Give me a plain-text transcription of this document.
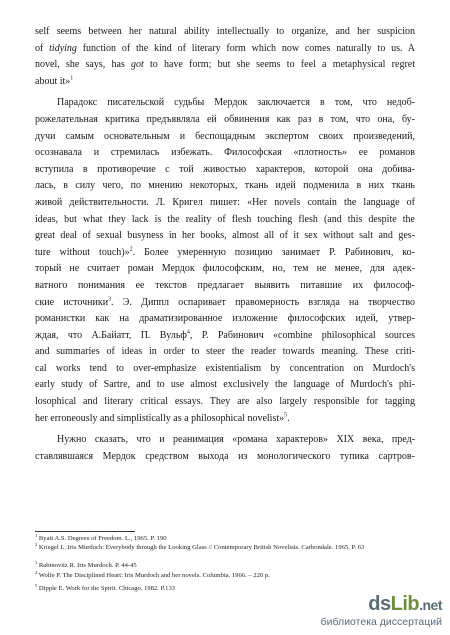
self seems between her natural ability intellectually to organize, and her suspicion
of tidying function of the kind of literary form which now comes naturally to us. A
novel, she says, has got to have form; but she seems to feel a metaphysical regret
about it»$^1$

Парадокс писательской судьбы Мердок заключается в том, что недоб-
рожелательная критика предъявляла ей обвинения как раз в том, что она, бу-
дучи самым основательным и беспощадным экспертом своих произведений,
осознавала и стремилась избежать. Философская «плотность» ее романов
вступила в противоречие с той живостью характеров, которой она добива-
лась, в силу чего, по мнению некоторых, ткань идей подменила в них ткань
живой действительности. Л. Кригел пишет: «Her novels contain the language of
ideas, but what they lack is the reality of flesh touching flesh (and this despite the
great deal of sexual busyness in her books, almost all of it sex without salt and ges-
ture without touch)»$^2$. Более умеренную позицию занимает Р. Рабинович, ко-
торый не считает роман Мердок философским, но, тем не менее, для адек-
ватного понимания ее текстов предлагает выявить питавшие их философ-
ские источники$^3$. Э. Диппл оспаривает правомерность взгляда на творчество
романистки как на драматизированное изложение философских идей, утвер-
ждая, что А.Байатт, П. Вульф$^4$, Р. Рабинович «combine philosophical sources
and summaries of ideas in order to steer the reader towards meaning. These criti-
cal works tend to over-emphasize existentialism by concentration on Murdoch's
early study of Sartre, and to use almost exclusively the language of Murdoch's phi-
losophical and literary critical essays. They are also largely responsible for tagging
her erroneously and simplistically as a philosophical novelist»$^5$.

Нужно сказать, что и реанимация «романа характеров» XIX века, пред-
ставлявшаяся Мердок средством выхода из монологического тупика сартров-

$^1$ Byatt A.S. Degrees of Freedom. L., 1965. P. 190
$^2$ Kriegel L. Iris Murdoch: Everybody through the Looking Glass // Contemporary British Novelists. Carbondale. 1965. P. 63
$^3$ Rabinovitz R. Iris Murdoch. P. 44-45
$^4$ Wolfe P. The Disciplined Heart: Iris Murdoch and her novels. Columbia. 1966. – 220 p.
$^5$ Dipple E. Work for the Spirit. Chicago. 1982. P.133
dsLib.net
библиотека диссертаций
